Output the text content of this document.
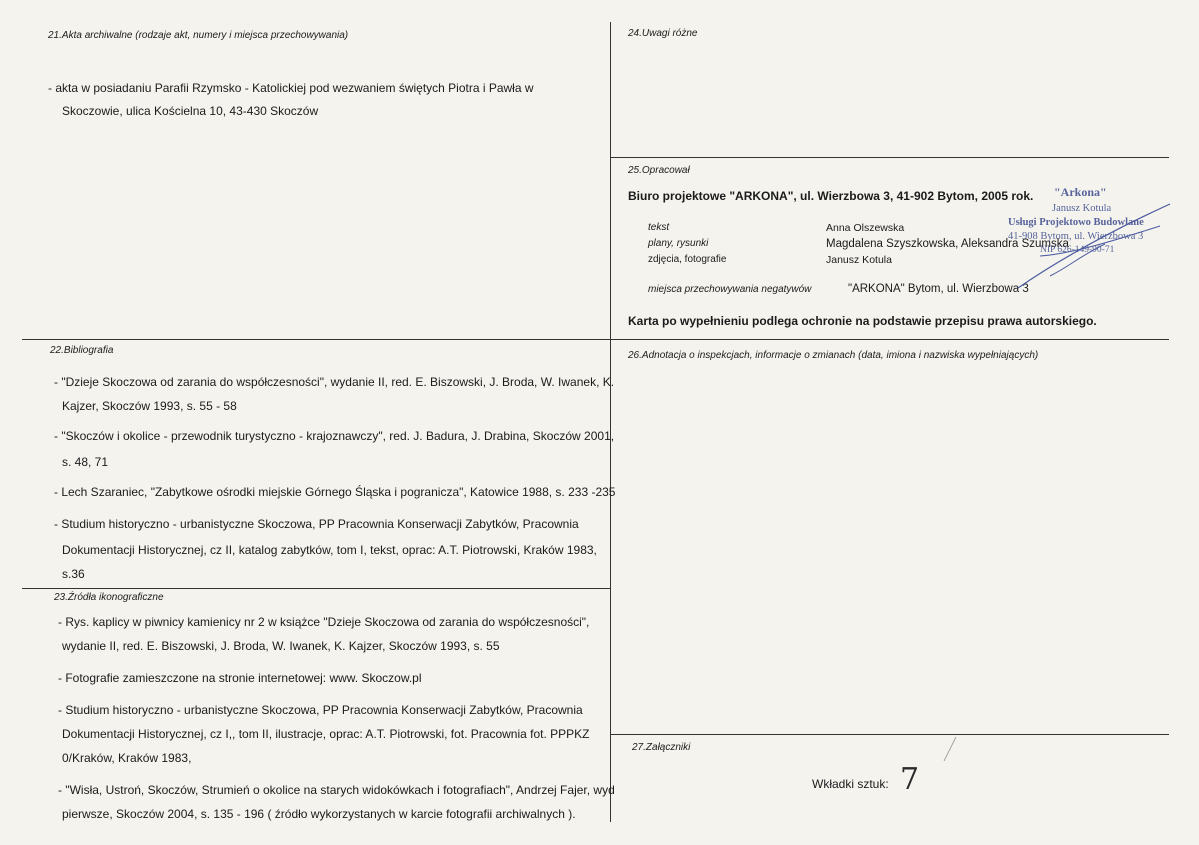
21.Akta archiwalne (rodzaje akt, numery i miejsca przechowywania)
- akta w posiadaniu Parafii Rzymsko - Katolickiej pod wezwaniem świętych Piotra i Pawła w
Skoczowie, ulica Kościelna 10, 43-430 Skoczów
24.Uwagi różne
25.Opracował
Biuro projektowe "ARKONA", ul. Wierzbowa 3, 41-902 Bytom, 2005 rok.
tekst	Anna Olszewska
plany, rysunki	Magdalena Szyszkowska, Aleksandra Szumska
zdjęcia, fotografie	Janusz Kotula
miejsca przechowywania negatywów	"ARKONA" Bytom, ul. Wierzbowa 3
Karta po wypełnieniu podlega ochronie na podstawie przepisu prawa autorskiego.
"Arkona"
Janusz Kotula
Usługi Projektowo Budowlane
41-908 Bytom, ul. Wierzbowa 3
NIP 626-149-90-71
22.Bibliografia
- "Dzieje Skoczowa od zarania do współczesności", wydanie II, red. E. Biszowski, J. Broda, W. Iwanek, K.
Kajzer, Skoczów 1993, s. 55 - 58
- "Skoczów i okolice - przewodnik turystyczno - krajoznawczy", red. J. Badura, J. Drabina, Skoczów 2001,
s. 48, 71
- Lech Szaraniec, "Zabytkowe ośrodki miejskie Górnego Śląska i pogranicza", Katowice 1988, s. 233 -235
- Studium historyczno - urbanistyczne Skoczowa, PP Pracownia Konserwacji Zabytków, Pracownia
Dokumentacji Historycznej, cz II, katalog zabytków, tom I, tekst, oprac: A.T. Piotrowski, Kraków 1983,
s.36
23.Źródła ikonograficzne
- Rys. kaplicy w piwnicy kamienicy nr 2 w książce "Dzieje Skoczowa od zarania do współczesności",
wydanie II, red. E. Biszowski, J. Broda, W. Iwanek, K. Kajzer, Skoczów 1993, s. 55
- Fotografie zamieszczone na stronie internetowej: www. Skoczow.pl
- Studium historyczno - urbanistyczne Skoczowa, PP Pracownia Konserwacji Zabytków, Pracownia
Dokumentacji Historycznej, cz I,, tom II, ilustracje, oprac: A.T. Piotrowski, fot. Pracownia fot. PPPKZ
0/Kraków, Kraków 1983,
- "Wisła, Ustroń, Skoczów, Strumień o okolice na starych widokówkach i fotografiach", Andrzej Fajer, wyd
pierwsze, Skoczów 2004, s. 135 - 196 ( źródło wykorzystanych w karcie fotografii archiwalnych ).
26.Adnotacja o inspekcjach, informacje o zmianach (data, imiona i nazwiska wypełniających)
27.Załączniki
Wkładki sztuk: 7
